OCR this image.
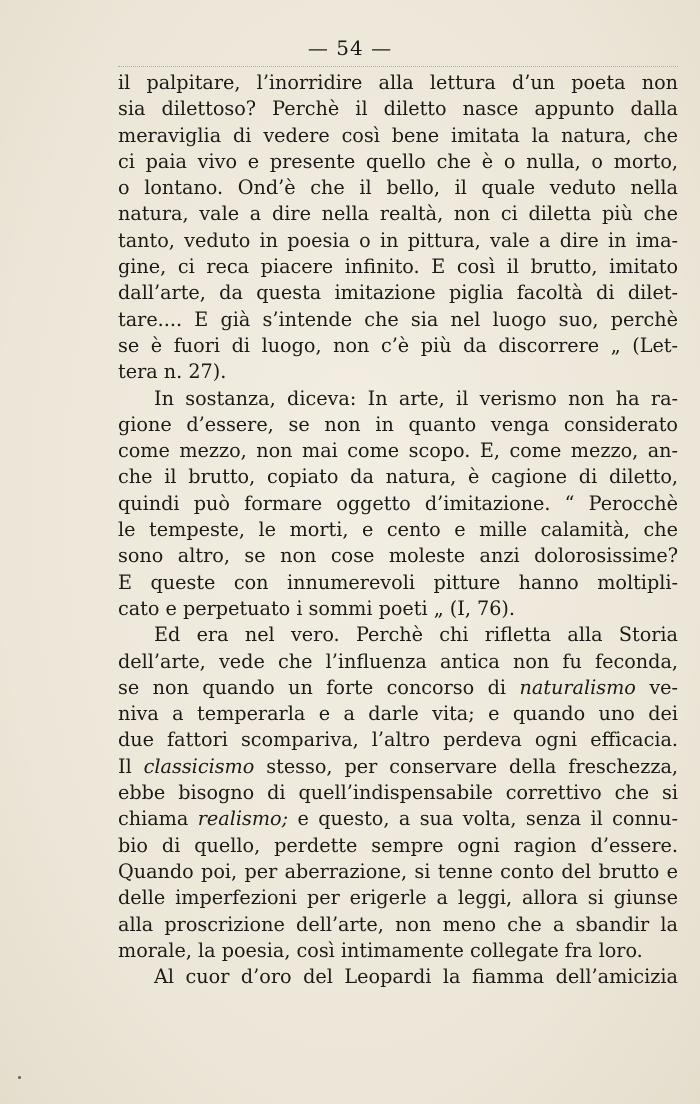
— 54 —
il palpitare, l’inorridire alla lettura d’un poeta non
sia dilettoso? Perchè il diletto nasce appunto dalla
meraviglia di vedere così bene imitata la natura, che
ci paia vivo e presente quello che è o nulla, o morto,
o lontano. Ond’è che il bello, il quale veduto nella
natura, vale a dire nella realtà, non ci diletta più che
tanto, veduto in poesia o in pittura, vale a dire in ima-
gine, ci reca piacere infinito. E così il brutto, imitato
dall’arte, da questa imitazione piglia facoltà di dilet-
tare.... E già s’intende che sia nel luogo suo, perchè
se è fuori di luogo, non c’è più da discorrere „ (Let-
tera n. 27).
In sostanza, diceva: In arte, il verismo non ha ra-
gione d’essere, se non in quanto venga considerato
come mezzo, non mai come scopo. E, come mezzo, an-
che il brutto, copiato da natura, è cagione di diletto,
quindi può formare oggetto d’imitazione. “ Perocchè
le tempeste, le morti, e cento e mille calamità, che
sono altro, se non cose moleste anzi dolorosissime?
E queste con innumerevoli pitture hanno moltipli-
cato e perpetuato i sommi poeti „ (I, 76).
Ed era nel vero. Perchè chi rifletta alla Storia
dell’arte, vede che l’influenza antica non fu feconda,
se non quando un forte concorso di naturalismo ve-
niva a temperarla e a darle vita; e quando uno dei
due fattori scompariva, l’altro perdeva ogni efficacia.
Il classicismo stesso, per conservare della freschezza,
ebbe bisogno di quell’indispensabile correttivo che si
chiama realismo; e questo, a sua volta, senza il connu-
bio di quello, perdette sempre ogni ragion d’essere.
Quando poi, per aberrazione, si tenne conto del brutto e
delle imperfezioni per erigerle a leggi, allora si giunse
alla proscrizione dell’arte, non meno che a sbandir la
morale, la poesia, così intimamente collegate fra loro.
Al cuor d’oro del Leopardi la fiamma dell’amicizia
